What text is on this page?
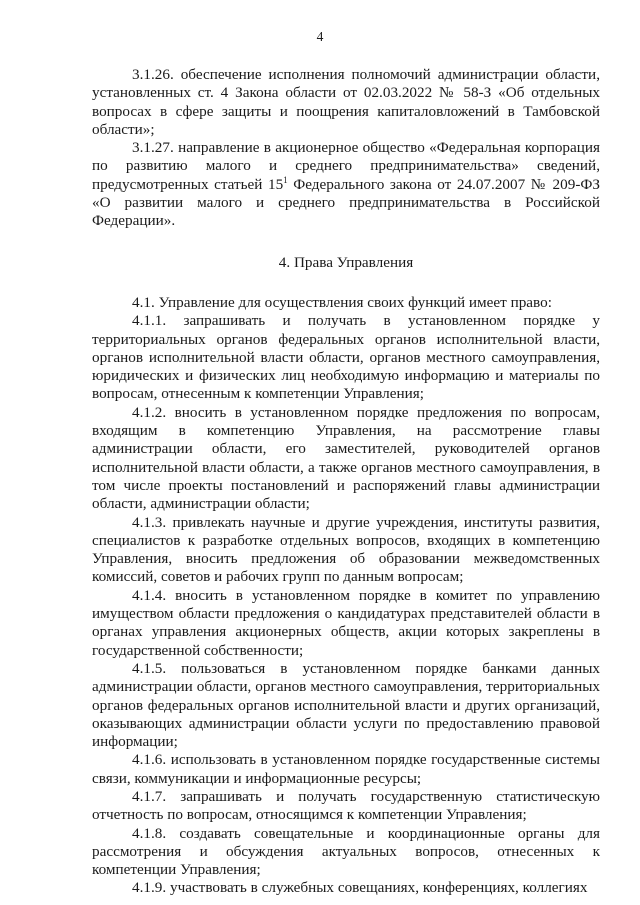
4

3.1.26. обеспечение исполнения полномочий администрации области, установленных ст. 4 Закона области от 02.03.2022 № 58-З «Об отдельных вопросах в сфере защиты и поощрения капиталовложений в Тамбовской области»;

3.1.27. направление в акционерное общество «Федеральная корпорация по развитию малого и среднего предпринимательства» сведений, предусмотренных статьей $15^1$ Федерального закона от 24.07.2007 № 209-ФЗ «О развитии малого и среднего предпринимательства в Российской Федерации».

4. Права Управления

4.1. Управление для осуществления своих функций имеет право:

4.1.1. запрашивать и получать в установленном порядке у территориальных органов федеральных органов исполнительной власти, органов исполнительной власти области, органов местного самоуправления, юридических и физических лиц необходимую информацию и материалы по вопросам, отнесенным к компетенции Управления;

4.1.2. вносить в установленном порядке предложения по вопросам, входящим в компетенцию Управления, на рассмотрение главы администрации области, его заместителей, руководителей органов исполнительной власти области, а также органов местного самоуправления, в том числе проекты постановлений и распоряжений главы администрации области, администрации области;

4.1.3. привлекать научные и другие учреждения, институты развития, специалистов к разработке отдельных вопросов, входящих в компетенцию Управления, вносить предложения об образовании межведомственных комиссий, советов и рабочих групп по данным вопросам;

4.1.4. вносить в установленном порядке в комитет по управлению имуществом области предложения о кандидатурах представителей области в органах управления акционерных обществ, акции которых закреплены в государственной собственности;

4.1.5. пользоваться в установленном порядке банками данных администрации области, органов местного самоуправления, территориальных органов федеральных органов исполнительной власти и других организаций, оказывающих администрации области услуги по предоставлению правовой информации;

4.1.6. использовать в установленном порядке государственные системы связи, коммуникации и информационные ресурсы;

4.1.7. запрашивать и получать государственную статистическую отчетность по вопросам, относящимся к компетенции Управления;

4.1.8. создавать совещательные и координационные органы для рассмотрения и обсуждения актуальных вопросов, отнесенных к компетенции Управления;

4.1.9. участвовать в служебных совещаниях, конференциях, коллегиях
